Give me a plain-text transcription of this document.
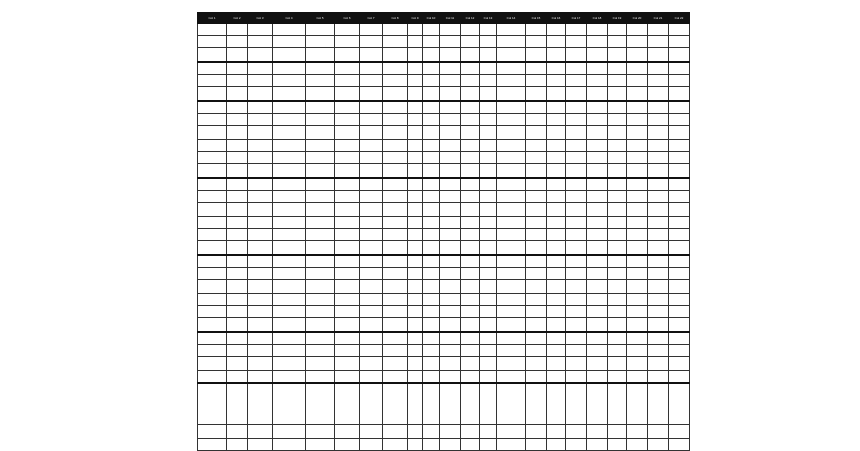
Col 1	Col 2	Col 3	Col 4	Col 5	Col 6	Col 7	Col 8	Col 9	Col 10	Col 11	Col 12	Col 13	Col 14	Col 15	Col 16	Col 17	Col 18	Col 19	Col 20	Col 21	Col 22
